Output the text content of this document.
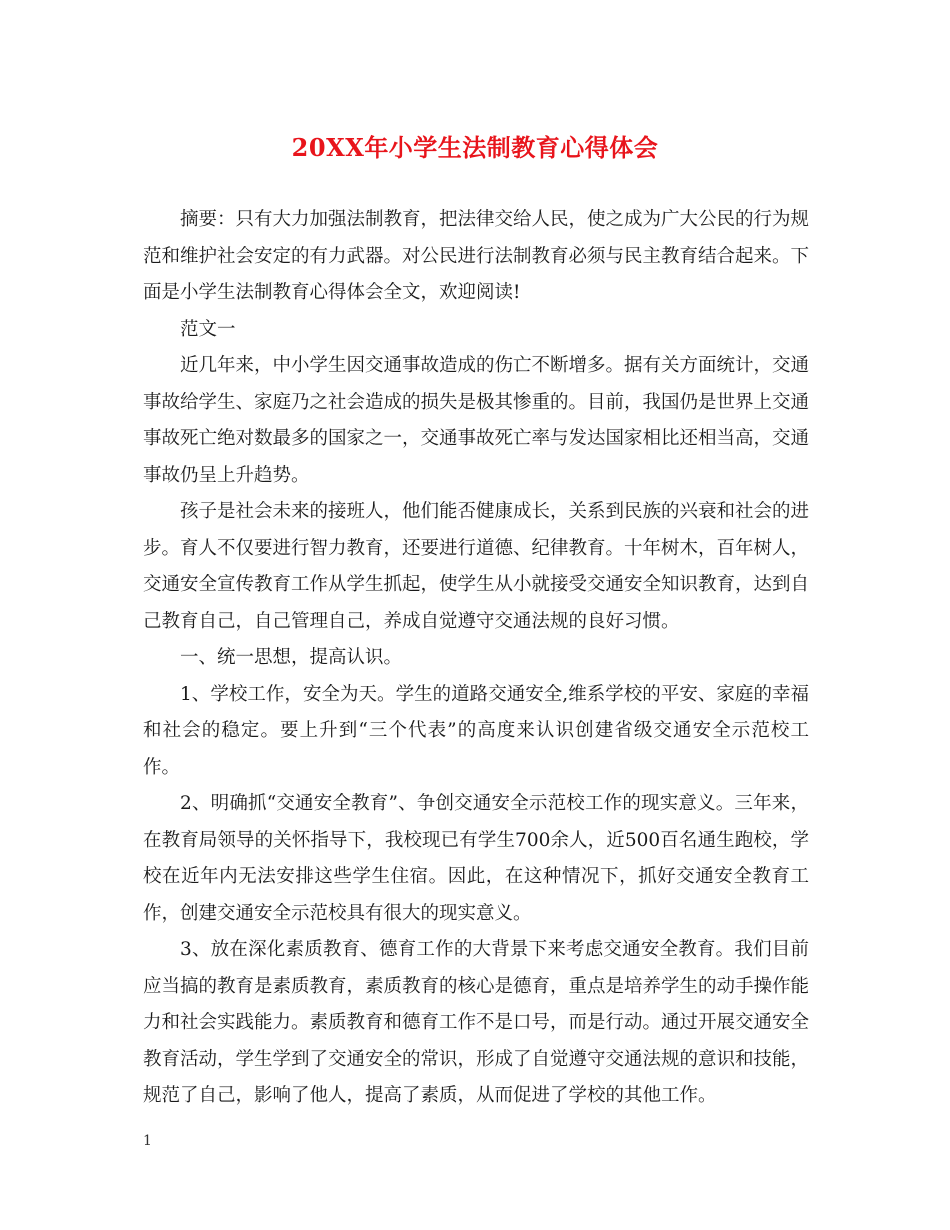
20XX年小学生法制教育心得体会

摘要：只有大力加强法制教育，把法律交给人民，使之成为广大公民的行为规范和维护社会安定的有力武器。对公民进行法制教育必须与民主教育结合起来。下面是小学生法制教育心得体会全文，欢迎阅读!

范文一

近几年来，中小学生因交通事故造成的伤亡不断增多。据有关方面统计，交通事故给学生、家庭乃之社会造成的损失是极其惨重的。目前，我国仍是世界上交通事故死亡绝对数最多的国家之一，交通事故死亡率与发达国家相比还相当高，交通事故仍呈上升趋势。

孩子是社会未来的接班人，他们能否健康成长，关系到民族的兴衰和社会的进步。育人不仅要进行智力教育，还要进行道德、纪律教育。十年树木，百年树人，交通安全宣传教育工作从学生抓起，使学生从小就接受交通安全知识教育，达到自己教育自己，自己管理自己，养成自觉遵守交通法规的良好习惯。

一、统一思想，提高认识。

1、学校工作，安全为天。学生的道路交通安全,维系学校的平安、家庭的幸福和社会的稳定。要上升到“三个代表”的高度来认识创建省级交通安全示范校工作。

2、明确抓“交通安全教育”、争创交通安全示范校工作的现实意义。三年来，在教育局领导的关怀指导下，我校现已有学生700余人，近500百名通生跑校，学校在近年内无法安排这些学生住宿。因此，在这种情况下，抓好交通安全教育工作，创建交通安全示范校具有很大的现实意义。

3、放在深化素质教育、德育工作的大背景下来考虑交通安全教育。我们目前应当搞的教育是素质教育，素质教育的核心是德育，重点是培养学生的动手操作能力和社会实践能力。素质教育和德育工作不是口号，而是行动。通过开展交通安全教育活动，学生学到了交通安全的常识，形成了自觉遵守交通法规的意识和技能，规范了自己，影响了他人，提高了素质，从而促进了学校的其他工作。

1
